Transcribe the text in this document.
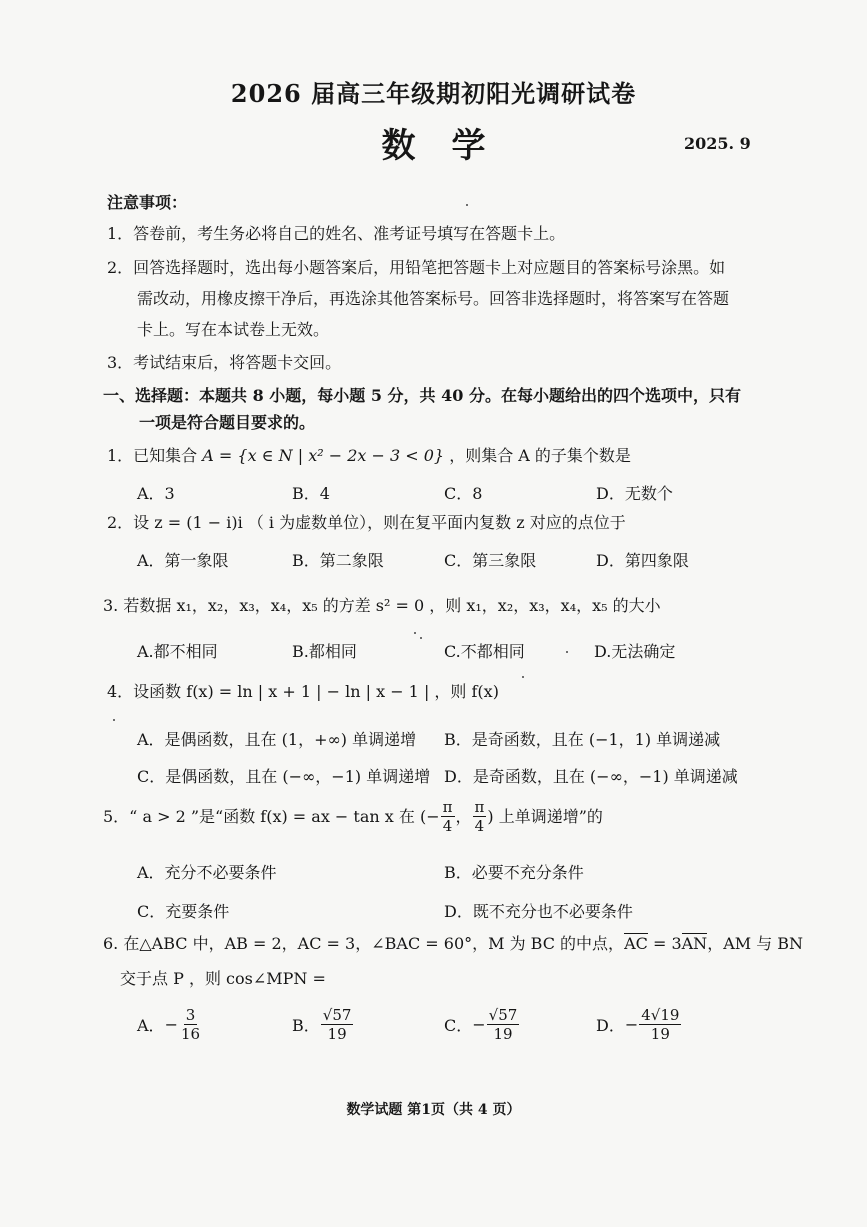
2026 届高三年级期初阳光调研试卷
数学	2025. 9
注意事项：
1．答卷前，考生务必将自己的姓名、准考证号填写在答题卡上。
2．回答选择题时，选出每小题答案后，用铅笔把答题卡上对应题目的答案标号涂黑。如
需改动，用橡皮擦干净后，再选涂其他答案标号。回答非选择题时，将答案写在答题
卡上。写在本试卷上无效。
3．考试结束后，将答题卡交回。
一、选择题：本题共 8 小题，每小题 5 分，共 40 分。在每小题给出的四个选项中，只有
一项是符合题目要求的。
1．已知集合 A = {x ∈ N | x² − 2x − 3 < 0} ，则集合 A 的子集个数是
A．3	B．4	C．8	D．无数个
2．设 z = (1 − i)i （ i 为虚数单位），则在复平面内复数 z 对应的点位于
A．第一象限	B．第二象限	C．第三象限	D．第四象限
3. 若数据 x₁，x₂，x₃，x₄，x₅ 的方差 s² = 0 ，则 x₁，x₂，x₃，x₄，x₅ 的大小
A.都不相同	B.都相同	C.不都相同	D.无法确定
4．设函数 f(x) = ln | x + 1 | − ln | x − 1 | ，则 f(x)
A．是偶函数，且在 (1，+∞) 单调递增 B．是奇函数，且在 (−1，1) 单调递减
C．是偶函数，且在 (−∞，−1) 单调递增 D．是奇函数，且在 (−∞，−1) 单调递减
5．“ a > 2 ”是“函数 f(x) = ax − tan x 在 (− $\frac{\pi}{4}$ ， $\frac{\pi}{4}$ ) 上单调递增”的
A．充分不必要条件	B．必要不充分条件
C．充要条件	D．既不充分也不必要条件
6. 在△ABC 中，AB = 2，AC = 3，∠BAC = 60°，M 为 BC 的中点，AC = 3AN，AM 与 BN
交于点 P ，则 cos∠MPN =
A． − $\frac{3}{16}$	B． $\frac{√57}{19}$	C． − $\frac{√57}{19}$	D． − $\frac{4√19}{19}$
数学试题 第1页（共 4 页）
